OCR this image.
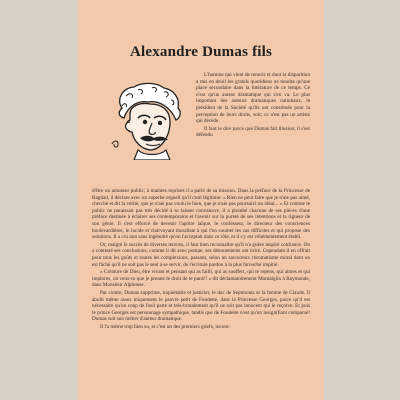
Alexandre Dumas fils

L'homme qui vient de mourir et dont la disparition a mis en deuil les grands quotidiens ne tiendra qu'une place secondaire dans la littérature de ce temps. Ce n'est qu'un auteur dramatique qui s'en va. Le plus important des auteurs dramatiques nationaux, le président de la Société qu'ils ont constituée pour la perception de leurs droits, soit; ce n'est pas un artiste qui décède.

Il faut le dire parce que Dumas fait illusion; il s'est défendu

d'être un amuseur public; à maintes reprises il a parlé de sa mission. Dans la préface de la Princesse de Bagdad, il déclare avec un superbe orgueil qu'il croit légitime: « Rien ne peut faire que je n'aie pas aimé, cherché et dit la vérité, que je n'aie pas voulu le bien, que je n'aie pas poursuivi un idéal... » Et comme le public ne paraissait pas très décidé à se laisser convaincre, il a plombé chacune de ses pièces d'une préface destinée à éclairer ses contemporains et l'avenir sur la pureté de ses intentions et la rigueur de son génie. Il s'est efforcé de devenir l'apôtre laïque, le confesseur, le directeur des consciences boulevardières, le lucide et clairvoyant moraliste à qui l'on soumet les cas difficiles et qui propose des solutions. Il a cru non sans ingénuité qu'on l'acceptait dans ce rôle, et il s'y est véhémentement établi.

Or, malgré le succès de diverses œuvres, il faut bien reconnaître qu'il n'a guère inspiré confiance. On a contesté ses conclusions, comme il dit avec pompe; ses dénouements ont irrité. Cependant il en offrait pour tous les goûts et toutes les complexions, passant, selon un savoureux chromatisme moral dont on est fâché qu'il ne soit pas le seul à se servir, de l'écriture pardon à la plus farouche impitié.

« Créature de Dieu, être vivant et pensant qui as failli, qui as souffert, qui te repens, qui aimes et qui implores, où veux-tu que je prenne le droit de te punir? » dit déclamatoirement Montaiglin à Raymonde, dans Monsieur Alphonse.

Par contre, Dumas supprime, inquiétable et justicier, le duc de Septmonts et la femme de Claude. Il abolit même assez iniquement le pauvre petit de Fondette, dans la Princesse Georges, parce qu'il est nécessaire qu'un coup de fusil parte et très-brutalement qu'il ne soit pas innocent qui le reçoive. Et puis le prince Georges est personnage sympathique, tandis que de Fondette n'est qu'un insignifiant comparse! Dumas suit son métier d'auteur dramatique.

Il l'a même trop bien su, et c'est un des premiers griefs, incom-
